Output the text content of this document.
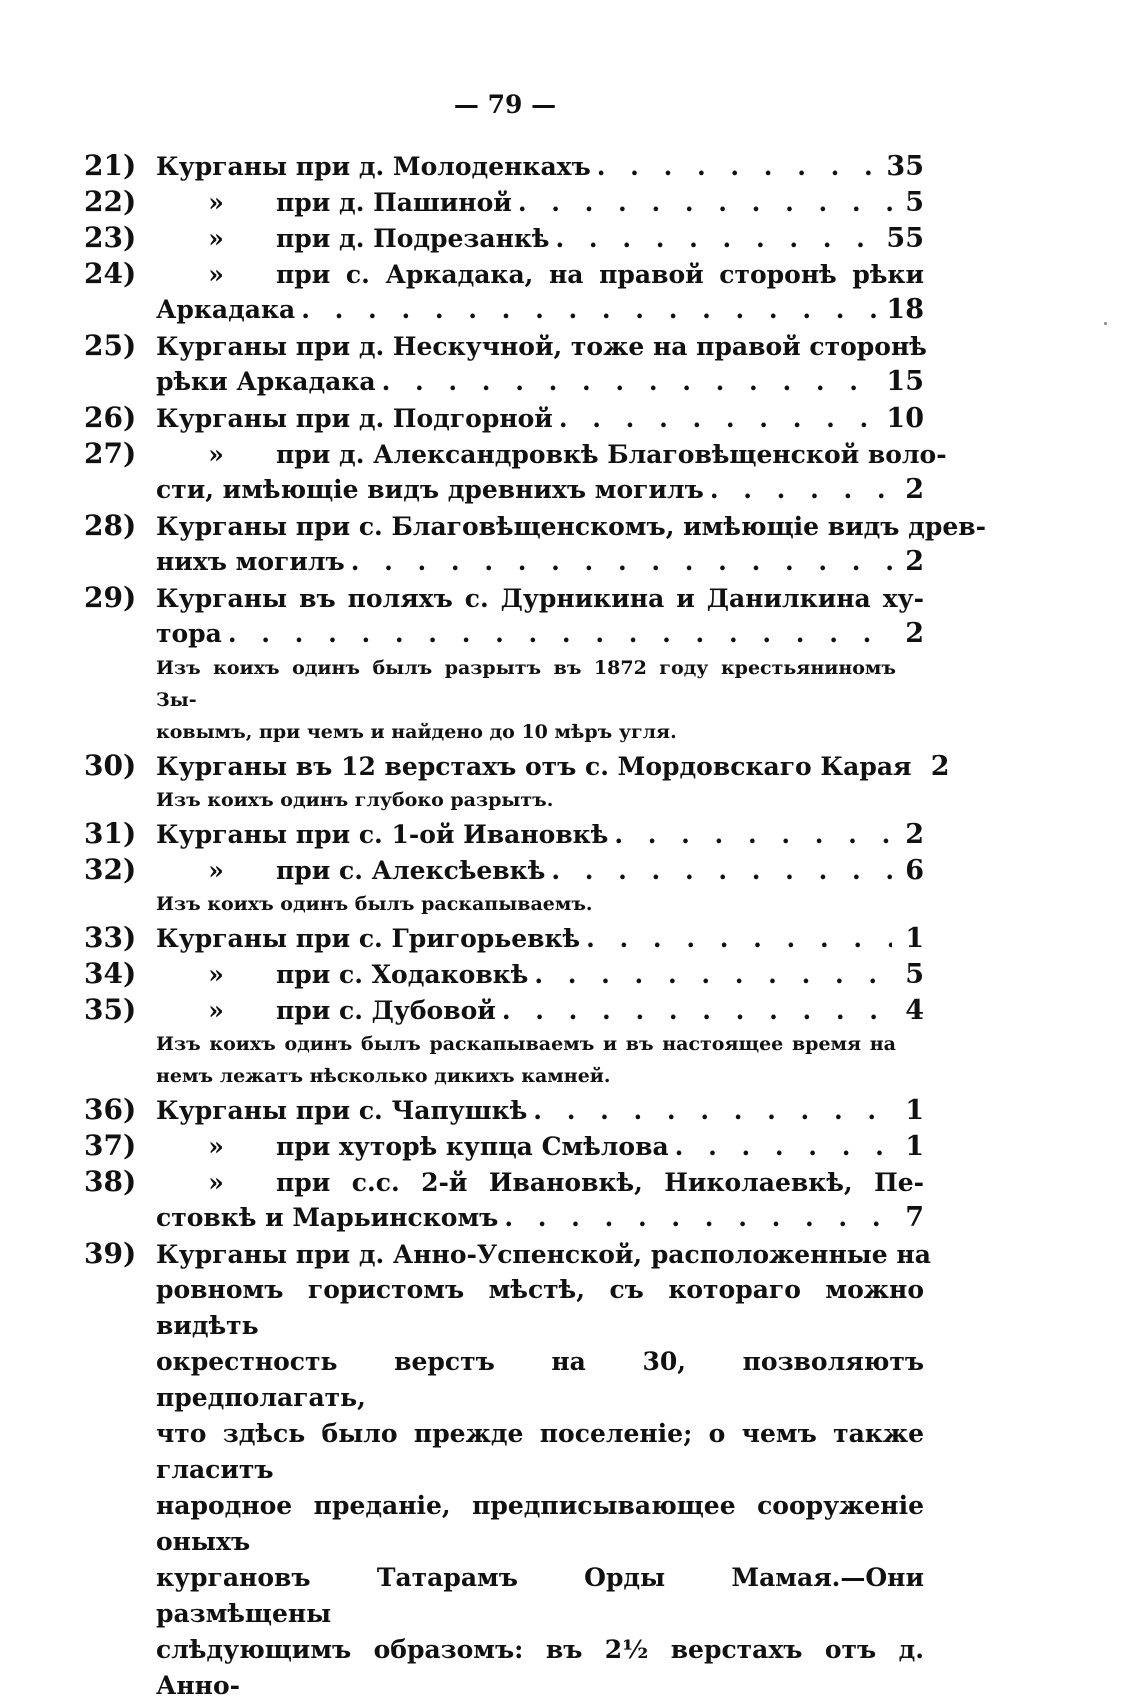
— 79 —
21) Курганы при д. Молоденкахъ . . .	35
22)	»	при д. Пашиной . . .	5
23)	»	при д. Подрезанкѣ . . .	55
24)	»	при с. Аркадака, на правой сторонѣ рѣки
Аркадака . . .	18
25) Курганы при д. Нескучной, тоже на правой сторонѣ
рѣки Аркадака . . .	15
26) Курганы при д. Подгорной . . .	10
27)	»	при д. Александровкѣ Благовѣщенской воло-
сти, имѣющіе видъ древнихъ могилъ . . .	2
28) Курганы при с. Благовѣщенскомъ, имѣющіе видъ древ-
нихъ могилъ . . .	2
29) Курганы въ поляхъ с. Дурникина и Данилкина ху-
тора . . .	2
Изъ коихъ одинъ былъ разрытъ въ 1872 году крестьяниномъ Зы-
ковымъ, при чемъ и найдено до 10 мѣръ угля.
30) Курганы въ 12 верстахъ отъ с. Мордовскаго Карая 2
Изъ коихъ одинъ глубоко разрытъ.
31) Курганы при с. 1-ой Ивановкѣ . . .	2
32)	»	при с. Алексѣевкѣ . . .	6
Изъ коихъ одинъ былъ раскапываемъ.
33) Курганы при с. Григорьевкѣ . . .	1
34)	»	при с. Ходаковкѣ . . .	5
35)	»	при с. Дубовой . . .	4
Изъ коихъ одинъ былъ раскапываемъ и въ настоящее время на
немъ лежатъ нѣсколько дикихъ камней.
36) Курганы при с. Чапушкѣ . . .	1
37)	»	при хуторѣ купца Смѣлова . . .	1
38)	»	при с.с. 2-й Ивановкѣ, Николаевкѣ, Пе-
стовкѣ и Марьинскомъ . . .	7
39) Курганы при д. Анно-Успенской, расположенные на
ровномъ гористомъ мѣстѣ, съ котораго можно видѣть
окрестность верстъ на 30, позволяютъ предполагать,
что здѣсь было прежде поселеніе; о чемъ также гласитъ
народное преданіе, предписывающее сооруженіе оныхъ
кургановъ Татарамъ Орды Мамая.—Они размѣщены
слѣдующимъ образомъ: въ 2½ верстахъ отъ д. Анно-
